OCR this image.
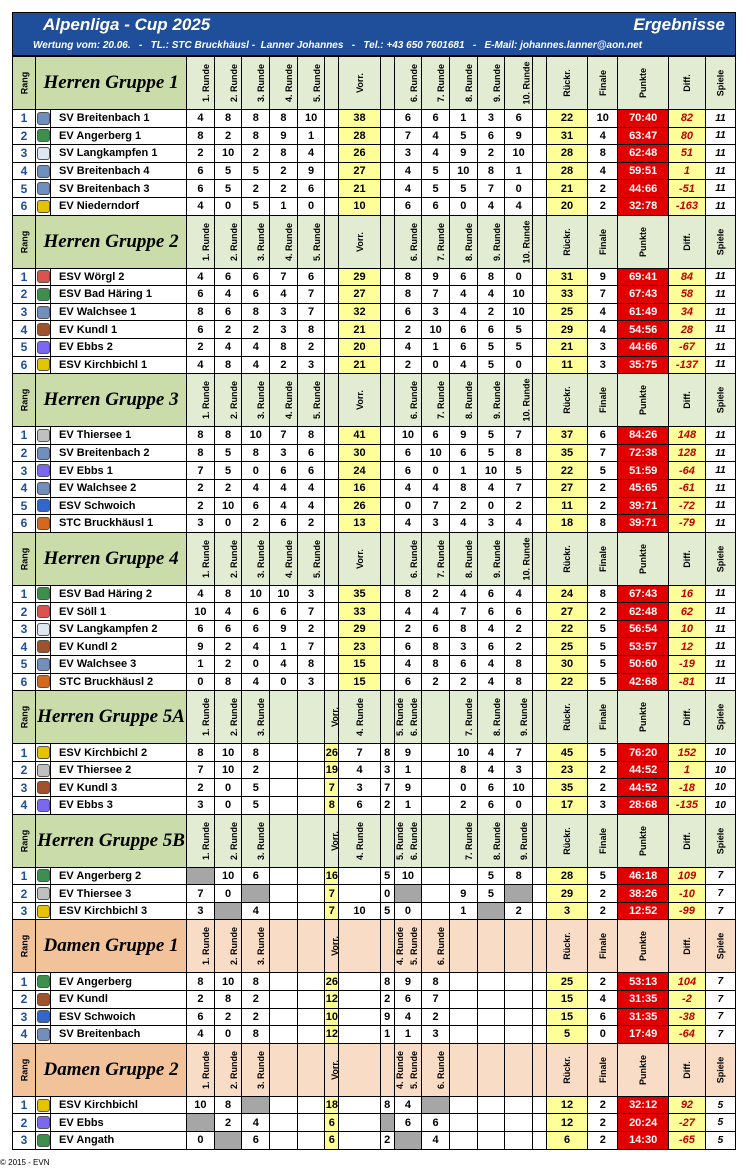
Alpenliga - Cup 2025	Ergebnisse
Wertung vom: 20.06.   -   TL.: STC Bruckhäusl -  Lanner Johannes   -   Tel.: +43 650 7601681   -   E-Mail: johannes.lanner@aon.net
Rang	Herren Gruppe 1		1. Runde	2. Runde	3. Runde	4. Runde	5. Runde		Vorr.		6. Runde	7. Runde	8. Runde	9. Runde	10. Runde		Rückr.	Finale	Punkte	Diff.	Spiele
1		SV Breitenbach 1	4	8	8	8	10		38		6	6	1	3	6		22	10	70:40	82	11
2		EV Angerberg 1	8	2	8	9	1		28		7	4	5	6	9		31	4	63:47	80	11
3		SV Langkampfen 1	2	10	2	8	4		26		3	4	9	2	10		28	8	62:48	51	11
4		SV Breitenbach 4	6	5	5	2	9		27		4	5	10	8	1		28	4	59:51	1	11
5		SV Breitenbach 3	6	5	2	2	6		21		4	5	5	7	0		21	2	44:66	-51	11
6		EV Niederndorf	4	0	5	1	0		10		6	6	0	4	4		20	2	32:78	-163	11
Rang	Herren Gruppe 2		1. Runde	2. Runde	3. Runde	4. Runde	5. Runde		Vorr.		6. Runde	7. Runde	8. Runde	9. Runde	10. Runde		Rückr.	Finale	Punkte	Diff.	Spiele
1		ESV Wörgl 2	4	6	6	7	6		29		8	9	6	8	0		31	9	69:41	84	11
2		ESV Bad Häring 1	6	4	6	4	7		27		8	7	4	4	10		33	7	67:43	58	11
3		EV Walchsee 1	8	6	8	3	7		32		6	3	4	2	10		25	4	61:49	34	11
4		EV Kundl 1	6	2	2	3	8		21		2	10	6	6	5		29	4	54:56	28	11
5		EV Ebbs 2	2	4	4	8	2		20		4	1	6	5	5		21	3	44:66	-67	11
6		ESV Kirchbichl 1	4	8	4	2	3		21		2	0	4	5	0		11	3	35:75	-137	11
Rang	Herren Gruppe 3		1. Runde	2. Runde	3. Runde	4. Runde	5. Runde		Vorr.		6. Runde	7. Runde	8. Runde	9. Runde	10. Runde		Rückr.	Finale	Punkte	Diff.	Spiele
1		EV Thiersee 1	8	8	10	7	8		41		10	6	9	5	7		37	6	84:26	148	11
2		SV Breitenbach 2	8	5	8	3	6		30		6	10	6	5	8		35	7	72:38	128	11
3		EV Ebbs 1	7	5	0	6	6		24		6	0	1	10	5		22	5	51:59	-64	11
4		EV Walchsee 2	2	2	4	4	4		16		4	4	8	4	7		27	2	45:65	-61	11
5		ESV Schwoich	2	10	6	4	4		26		0	7	2	0	2		11	2	39:71	-72	11
6		STC Bruckhäusl 1	3	0	2	6	2		13		4	3	4	3	4		18	8	39:71	-79	11
Rang	Herren Gruppe 4		1. Runde	2. Runde	3. Runde	4. Runde	5. Runde		Vorr.		6. Runde	7. Runde	8. Runde	9. Runde	10. Runde		Rückr.	Finale	Punkte	Diff.	Spiele
1		ESV Bad Häring 2	4	8	10	10	3		35		8	2	4	6	4		24	8	67:43	16	11
2		EV Söll 1	10	4	6	6	7		33		4	4	7	6	6		27	2	62:48	62	11
3		SV Langkampfen 2	6	6	6	9	2		29		2	6	8	4	2		22	5	56:54	10	11
4		EV Kundl 2	9	2	4	1	7		23		6	8	3	6	2		25	5	53:57	12	11
5		EV Walchsee 3	1	2	0	4	8		15		4	8	6	4	8		30	5	50:60	-19	11
6		STC Bruckhäusl 2	0	8	4	0	3		15		6	2	2	4	8		22	5	42:68	-81	11
Rang	Herren Gruppe 5A		1. Runde	2. Runde	3. Runde			Vorr.	4. Runde	5. Runde	6. Runde		7. Runde	8. Runde	9. Runde		Rückr.	Finale	Punkte	Diff.	Spiele
1		ESV Kirchbichl 2	8	10	8			26	7	8	9		10	4	7		45	5	76:20	152	10
2		EV Thiersee 2	7	10	2			19	4	3	1		8	4	3		23	2	44:52	1	10
3		EV Kundl 3	2	0	5			7	3	7	9		0	6	10		35	2	44:52	-18	10
4		EV Ebbs 3	3	0	5			8	6	2	1		2	6	0		17	3	28:68	-135	10
Rang	Herren Gruppe 5B		1. Runde	2. Runde	3. Runde			Vorr.	4. Runde	5. Runde	6. Runde		7. Runde	8. Runde	9. Runde		Rückr.	Finale	Punkte	Diff.	Spiele
1		EV Angerberg 2		10	6			16		5	10			5	8		28	5	46:18	109	7
2		EV Thiersee 3	7	0				7		0			9	5			29	2	38:26	-10	7
3		ESV Kirchbichl 3	3		4			7	10	5	0		1		2		3	2	12:52	-99	7
Rang	Damen Gruppe 1		1. Runde	2. Runde	3. Runde			Vorr.		4. Runde	5. Runde	6. Runde					Rückr.	Finale	Punkte	Diff.	Spiele
1		EV Angerberg	8	10	8			26		8	9	8					25	2	53:13	104	7
2		EV Kundl	2	8	2			12		2	6	7					15	4	31:35	-2	7
3		ESV Schwoich	6	2	2			10		9	4	2					15	6	31:35	-38	7
4		SV Breitenbach	4	0	8			12		1	1	3					5	0	17:49	-64	7
Rang	Damen Gruppe 2		1. Runde	2. Runde	3. Runde			Vorr.		4. Runde	5. Runde	6. Runde					Rückr.	Finale	Punkte	Diff.	Spiele
1		ESV Kirchbichl	10	8				18		8	4						12	2	32:12	92	5
2		EV Ebbs		2	4			6			6	6					12	2	20:24	-27	5
3		EV Angath	0		6			6		2		4					6	2	14:30	-65	5
© 2015 - EVN
